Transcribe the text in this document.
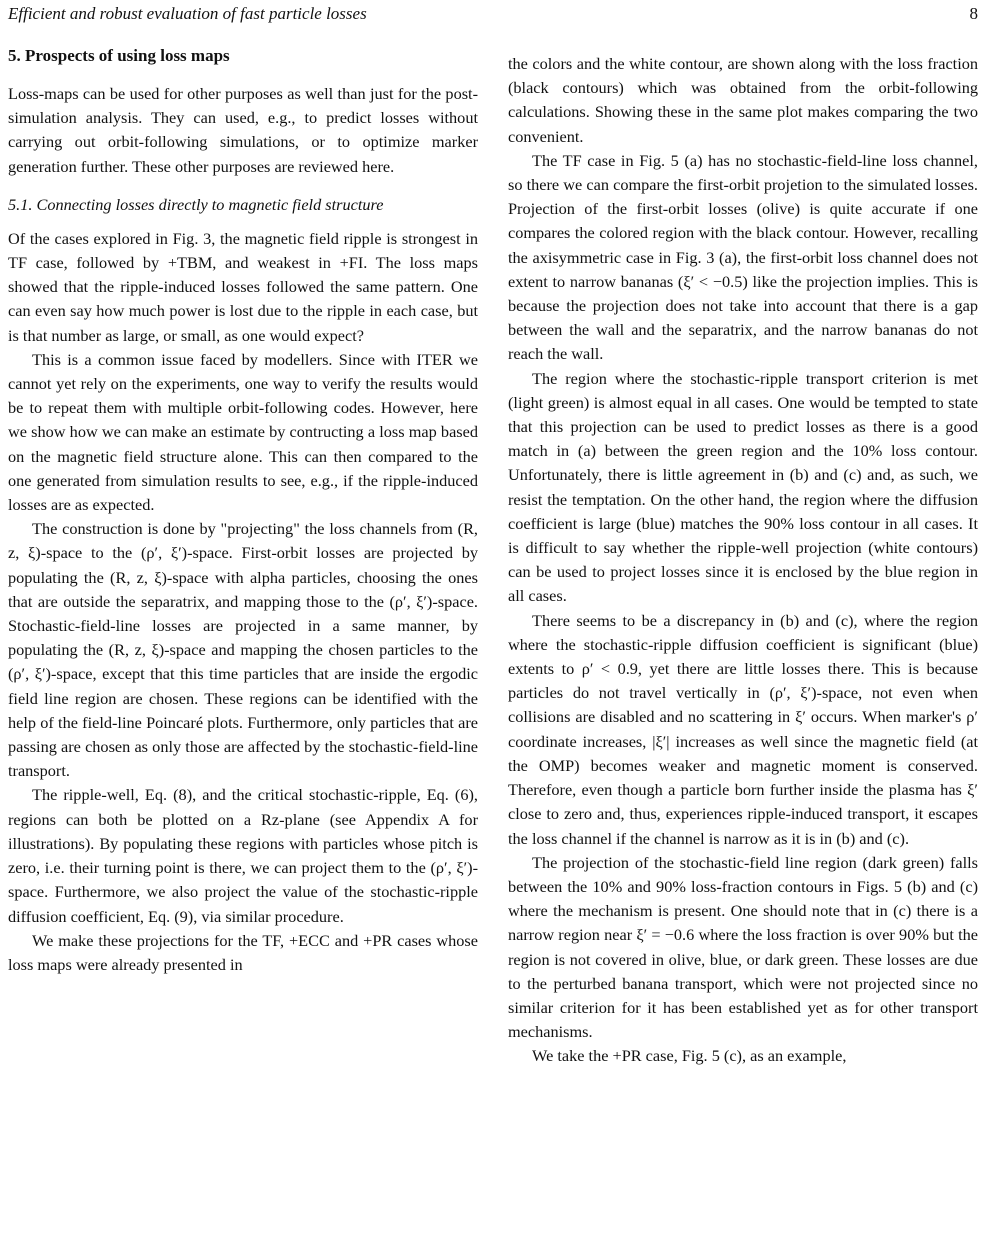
Efficient and robust evaluation of fast particle losses	8
5. Prospects of using loss maps

Loss-maps can be used for other purposes as well than just for the post-simulation analysis. They can used, e.g., to predict losses without carrying out orbit-following simulations, or to optimize marker generation further. These other purposes are reviewed here.

5.1. Connecting losses directly to magnetic field structure

Of the cases explored in Fig. 3, the magnetic field ripple is strongest in TF case, followed by +TBM, and weakest in +FI. The loss maps showed that the ripple-induced losses followed the same pattern. One can even say how much power is lost due to the ripple in each case, but is that number as large, or small, as one would expect?

This is a common issue faced by modellers. Since with ITER we cannot yet rely on the experiments, one way to verify the results would be to repeat them with multiple orbit-following codes. However, here we show how we can make an estimate by contructing a loss map based on the magnetic field structure alone. This can then compared to the one generated from simulation results to see, e.g., if the ripple-induced losses are as expected.

The construction is done by "projecting" the loss channels from (R, z, ξ)-space to the (ρ′, ξ′)-space. First-orbit losses are projected by populating the (R, z, ξ)-space with alpha particles, choosing the ones that are outside the separatrix, and mapping those to the (ρ′, ξ′)-space. Stochastic-field-line losses are projected in a same manner, by populating the (R, z, ξ)-space and mapping the chosen particles to the (ρ′, ξ′)-space, except that this time particles that are inside the ergodic field line region are chosen. These regions can be identified with the help of the field-line Poincaré plots. Furthermore, only particles that are passing are chosen as only those are affected by the stochastic-field-line transport.

The ripple-well, Eq. (8), and the critical stochastic-ripple, Eq. (6), regions can both be plotted on a Rz-plane (see Appendix A for illustrations). By populating these regions with particles whose pitch is zero, i.e. their turning point is there, we can project them to the (ρ′, ξ′)-space. Furthermore, we also project the value of the stochastic-ripple diffusion coefficient, Eq. (9), via similar procedure.

We make these projections for the TF, +ECC and +PR cases whose loss maps were already presented in

the colors and the white contour, are shown along with the loss fraction (black contours) which was obtained from the orbit-following calculations. Showing these in the same plot makes comparing the two convenient.

The TF case in Fig. 5 (a) has no stochastic-field-line loss channel, so there we can compare the first-orbit projetion to the simulated losses. Projection of the first-orbit losses (olive) is quite accurate if one compares the colored region with the black contour. However, recalling the axisymmetric case in Fig. 3 (a), the first-orbit loss channel does not extent to narrow bananas (ξ′ < −0.5) like the projection implies. This is because the projection does not take into account that there is a gap between the wall and the separatrix, and the narrow bananas do not reach the wall.

The region where the stochastic-ripple transport criterion is met (light green) is almost equal in all cases. One would be tempted to state that this projection can be used to predict losses as there is a good match in (a) between the green region and the 10% loss contour. Unfortunately, there is little agreement in (b) and (c) and, as such, we resist the temptation. On the other hand, the region where the diffusion coefficient is large (blue) matches the 90% loss contour in all cases. It is difficult to say whether the ripple-well projection (white contours) can be used to project losses since it is enclosed by the blue region in all cases.

There seems to be a discrepancy in (b) and (c), where the region where the stochastic-ripple diffusion coefficient is significant (blue) extents to ρ′ < 0.9, yet there are little losses there. This is because particles do not travel vertically in (ρ′, ξ′)-space, not even when collisions are disabled and no scattering in ξ′ occurs. When marker's ρ′ coordinate increases, |ξ′| increases as well since the magnetic field (at the OMP) becomes weaker and magnetic moment is conserved. Therefore, even though a particle born further inside the plasma has ξ′ close to zero and, thus, experiences ripple-induced transport, it escapes the loss channel if the channel is narrow as it is in (b) and (c).

The projection of the stochastic-field line region (dark green) falls between the 10% and 90% loss-fraction contours in Figs. 5 (b) and (c) where the mechanism is present. One should note that in (c) there is a narrow region near ξ′ = −0.6 where the loss fraction is over 90% but the region is not covered in olive, blue, or dark green. These losses are due to the perturbed banana transport, which were not projected since no similar criterion for it has been established yet as for other transport mechanisms.

We take the +PR case, Fig. 5 (c), as an example,
